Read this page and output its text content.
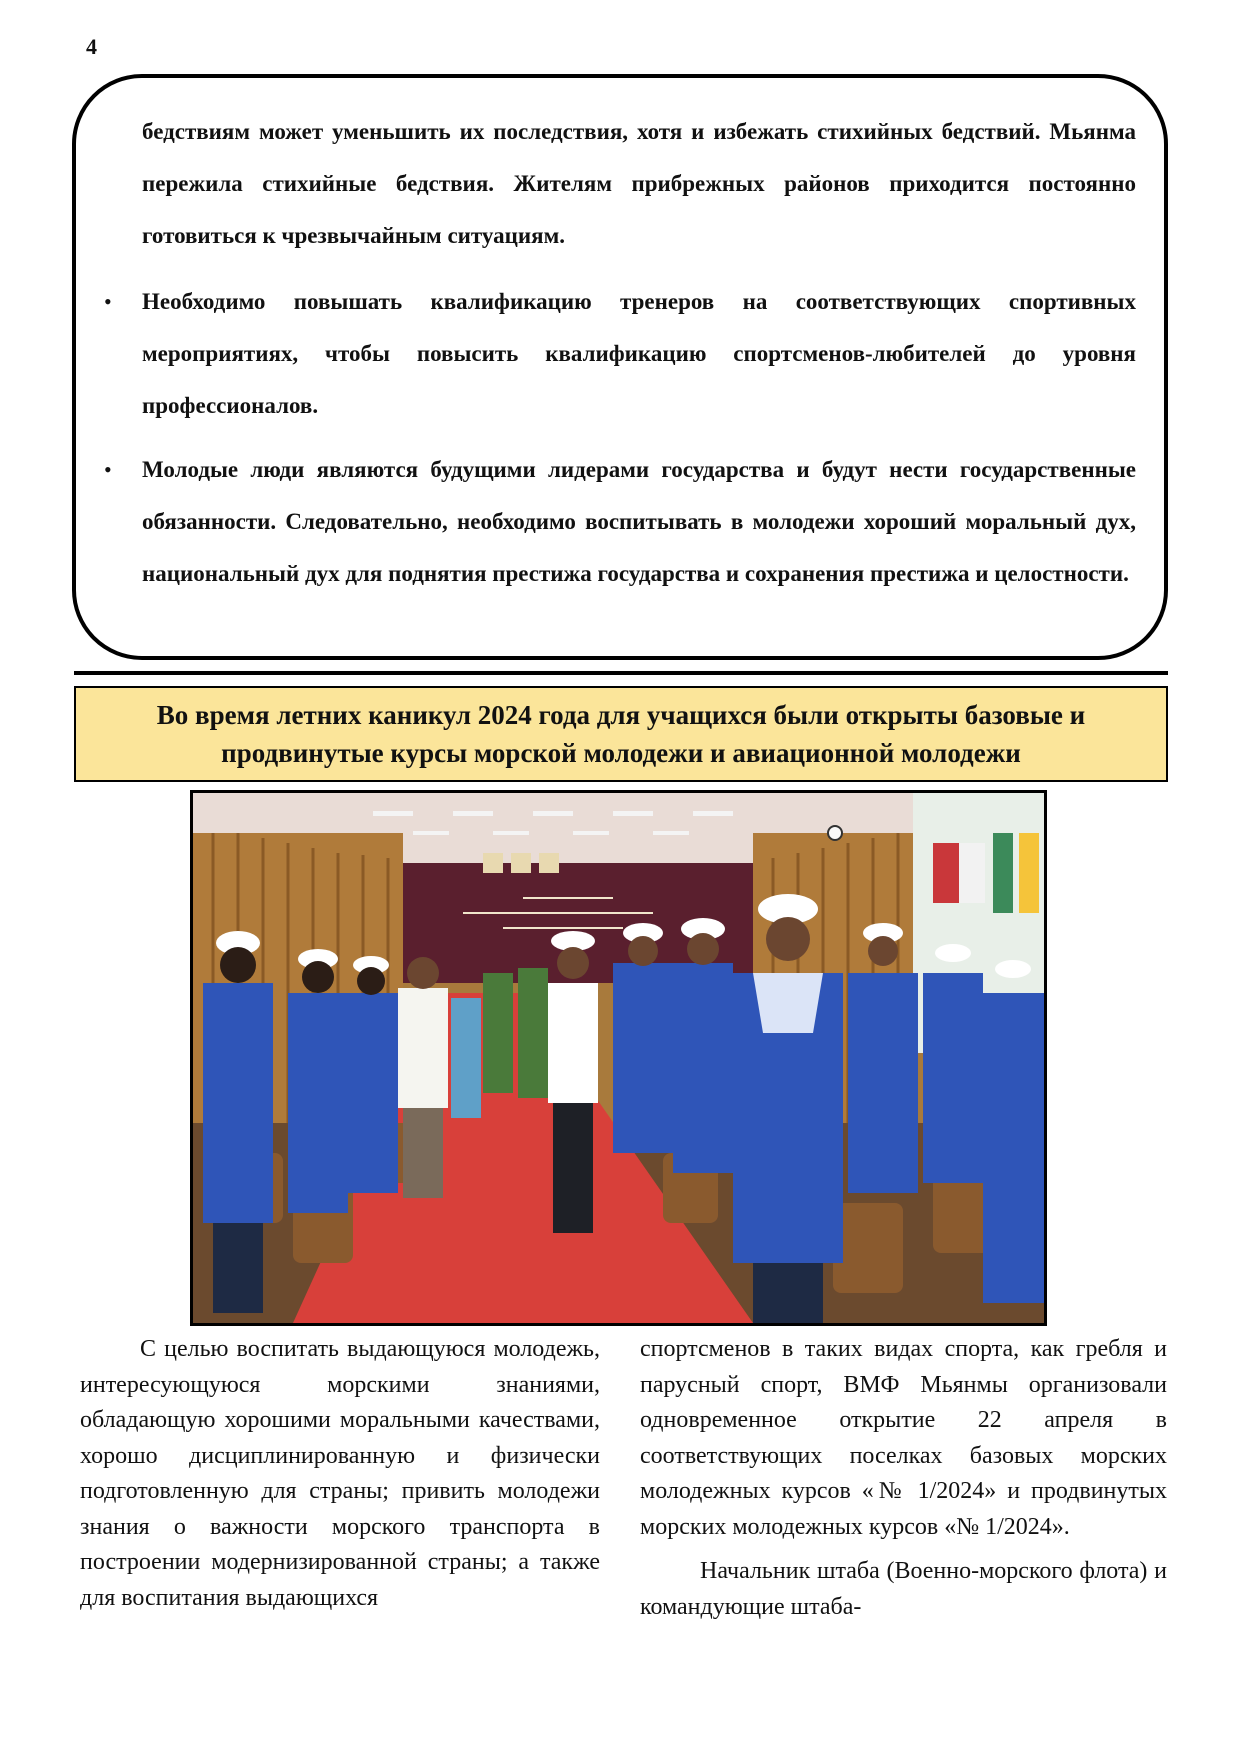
4
бедствиям может уменьшить их последствия, хотя и избежать стихийных бедствий. Мьянма пережила стихийные бедствия. Жителям прибрежных районов приходится постоянно готовиться к чрезвычайным ситуациям.
• Необходимо повышать квалификацию тренеров на соответствующих спортивных мероприятиях, чтобы повысить квалификацию спортсменов-любителей до уровня профессионалов.
• Молодые люди являются будущими лидерами государства и будут нести государственные обязанности. Следовательно, необходимо воспитывать в молодежи хороший моральный дух, национальный дух для поднятия престижа государства и сохранения престижа и целостности.
Во время летних каникул 2024 года для учащихся были открыты базовые и продвинутые курсы морской молодежи и авиационной молодежи

С целью воспитать выдающуюся молодежь, интересующуюся морскими знаниями, обладающую хорошими моральными качествами, хорошо дисциплинированную и физически подготовленную для страны; привить молодежи знания о важности морского транспорта в построении модернизированной страны; а также для воспитания выдающихся

спортсменов в таких видах спорта, как гребля и парусный спорт, ВМФ Мьянмы организовали одновременное открытие 22 апреля в соответствующих поселках базовых морских молодежных курсов «№ 1/2024» и продвинутых морских молодежных курсов «№ 1/2024».

Начальник штаба (Военно-морского флота) и командующие штаба-
